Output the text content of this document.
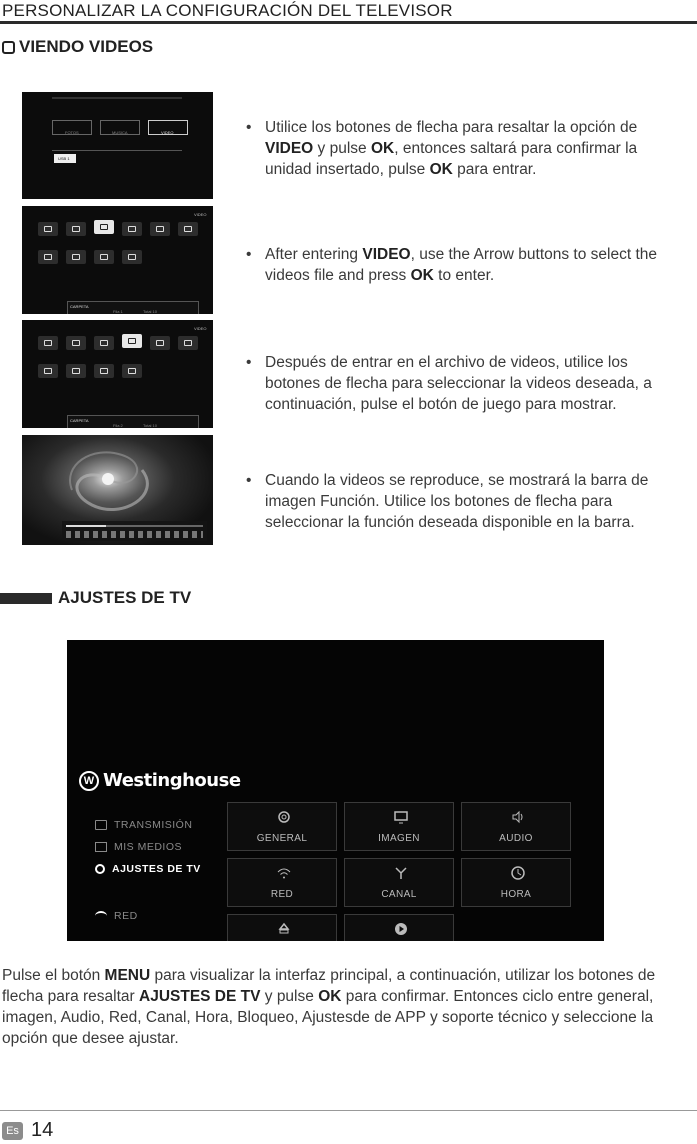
PERSONALIZAR LA CONFIGURACIÓN DEL TELEVISOR
VIENDO VIDEOS
FOTOS	MUSICA	VIDEO
USB 1
VIDEO
CARPETA
Fila 1	Total 10
VIDEO
CARPETA
Fila 2	Total 10
• Utilice los botones de flecha para resaltar la opción de VIDEO y pulse OK, entonces saltará para confirmar la unidad insertado, pulse OK para entrar.
• After entering VIDEO, use the Arrow buttons to select the videos file and press OK to enter.
• Después de entrar en el archivo de videos, utilice los botones de flecha para seleccionar la videos deseada, a continuación, pulse el botón de juego para mostrar.
• Cuando la videos se reproduce, se mostrará la barra de imagen Función. Utilice los botones de flecha para seleccionar la función deseada disponible en la barra.
AJUSTES DE TV
W Westinghouse
TRANSMISIÓN
MIS MEDIOS
AJUSTES DE TV
RED
GENERAL	IMAGEN	AUDIO
RED	CANAL	HORA
Pulse el botón MENU para visualizar la interfaz principal, a continuación, utilizar los botones de flecha para resaltar AJUSTES DE TV y pulse OK para confirmar. Entonces ciclo entre general, imagen, Audio, Red, Canal, Hora, Bloqueo, Ajustesde de APP y soporte técnico y seleccione la opción que desee ajustar.
Es 14
